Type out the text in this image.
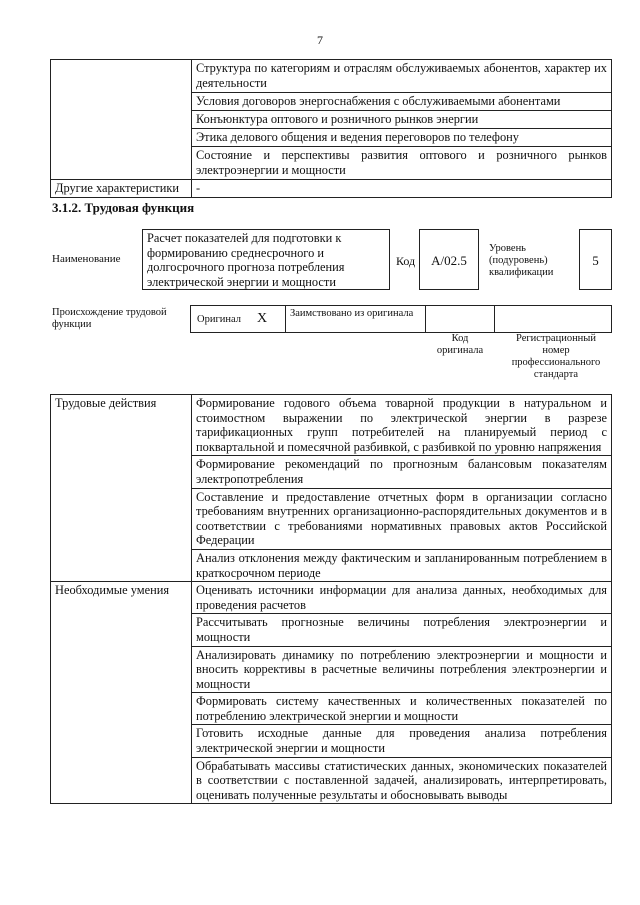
7
	Структура по категориям и отраслям обслуживаемых абонентов, характер их деятельности
	Условия договоров энергоснабжения с обслуживаемыми абонентами
	Конъюнктура оптового и розничного рынков энергии
	Этика делового общения и ведения переговоров по телефону
	Состояние и перспективы развития оптового и розничного рынков электроэнергии и мощности
Другие характеристики	-
3.1.2. Трудовая функция
Наименование
Расчет показателей для подготовки к формированию среднесрочного и долгосрочного прогноза потребления электрической энергии и мощности
Код	A/02.5
Уровень (подуровень) квалификации
5
Происхождение трудовой функции	Оригинал X Заимствовано из оригинала
Код оригинала
Регистрационный номер профессионального стандарта
Трудовые действия	Формирование годового объема товарной продукции в натуральном и стоимостном выражении по электрической энергии в разрезе тарификационных групп потребителей на планируемый период с поквартальной и помесячной разбивкой, с разбивкой по уровню напряжения
	Формирование рекомендаций по прогнозным балансовым показателям электропотребления
	Составление и предоставление отчетных форм в организации согласно требованиям внутренних организационно-распорядительных документов и в соответствии с требованиями нормативных правовых актов Российской Федерации
	Анализ отклонения между фактическим и запланированным потреблением в краткосрочном периоде
Необходимые умения	Оценивать источники информации для анализа данных, необходимых для проведения расчетов
	Рассчитывать прогнозные величины потребления электроэнергии и мощности
	Анализировать динамику по потреблению электроэнергии и мощности и вносить коррективы в расчетные величины потребления электроэнергии и мощности
	Формировать систему качественных и количественных показателей по потреблению электрической энергии и мощности
	Готовить исходные данные для проведения анализа потребления электрической энергии и мощности
	Обрабатывать массивы статистических данных, экономических показателей в соответствии с поставленной задачей, анализировать, интерпретировать, оценивать полученные результаты и обосновывать выводы
